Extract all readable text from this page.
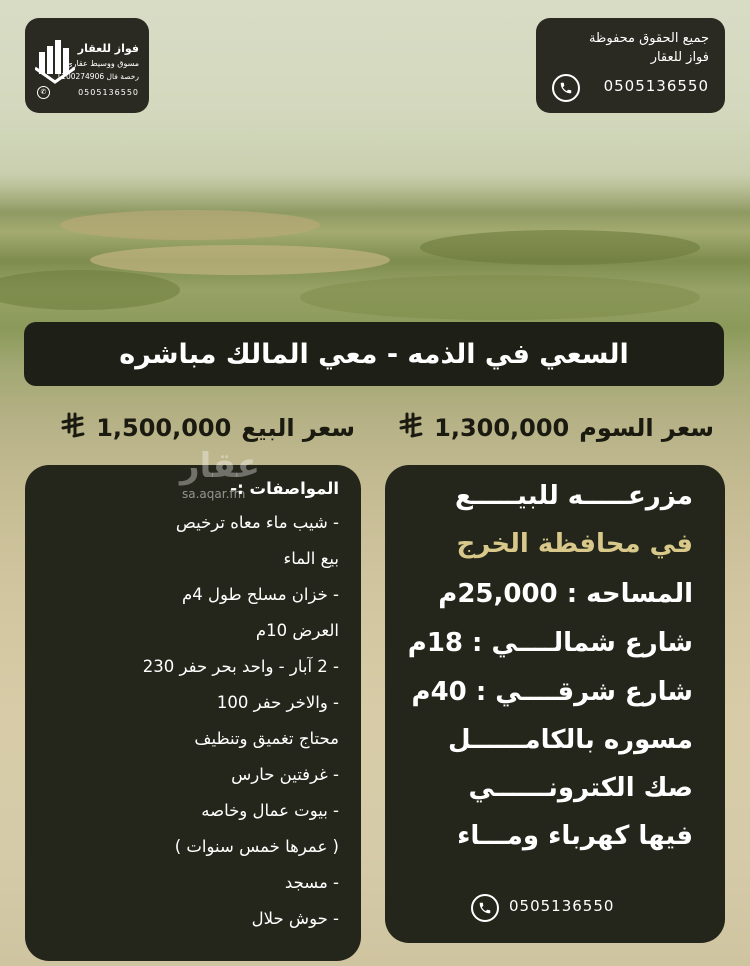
فواز للعقار
مسوق ووسيط عقاري
رخصة فال 1100274906
0505136550
✆
جميع الحقوق محفوظة
فواز للعقار
0505136550
السعي في الذمه - معي المالك مباشره
سعر السوم
1,300,000
سعر البيع
1,500,000
المواصفات :-
- شيب ماء معاه ترخيص
بيع الماء
- خزان مسلح طول 4م
العرض 10م
- 2 آبار - واحد بحر حفر 230
- والاخر حفر 100
محتاج تغميق وتنظيف
- غرفتين حارس
- بيوت عمال وخاصه
( عمرها خمس سنوات )
- مسجد
- حوش حلال
عقار
sa.aqar.fm	مزرعـــــه للبيـــــع
في محافظة الخرج
المساحه : 25,000م
شارع شمالــــي : 18م
شارع شرقــــي : 40م
مسوره بالكامــــــل
صك الكترونــــــي
فيها كهرباء ومـــاء
0505136550
